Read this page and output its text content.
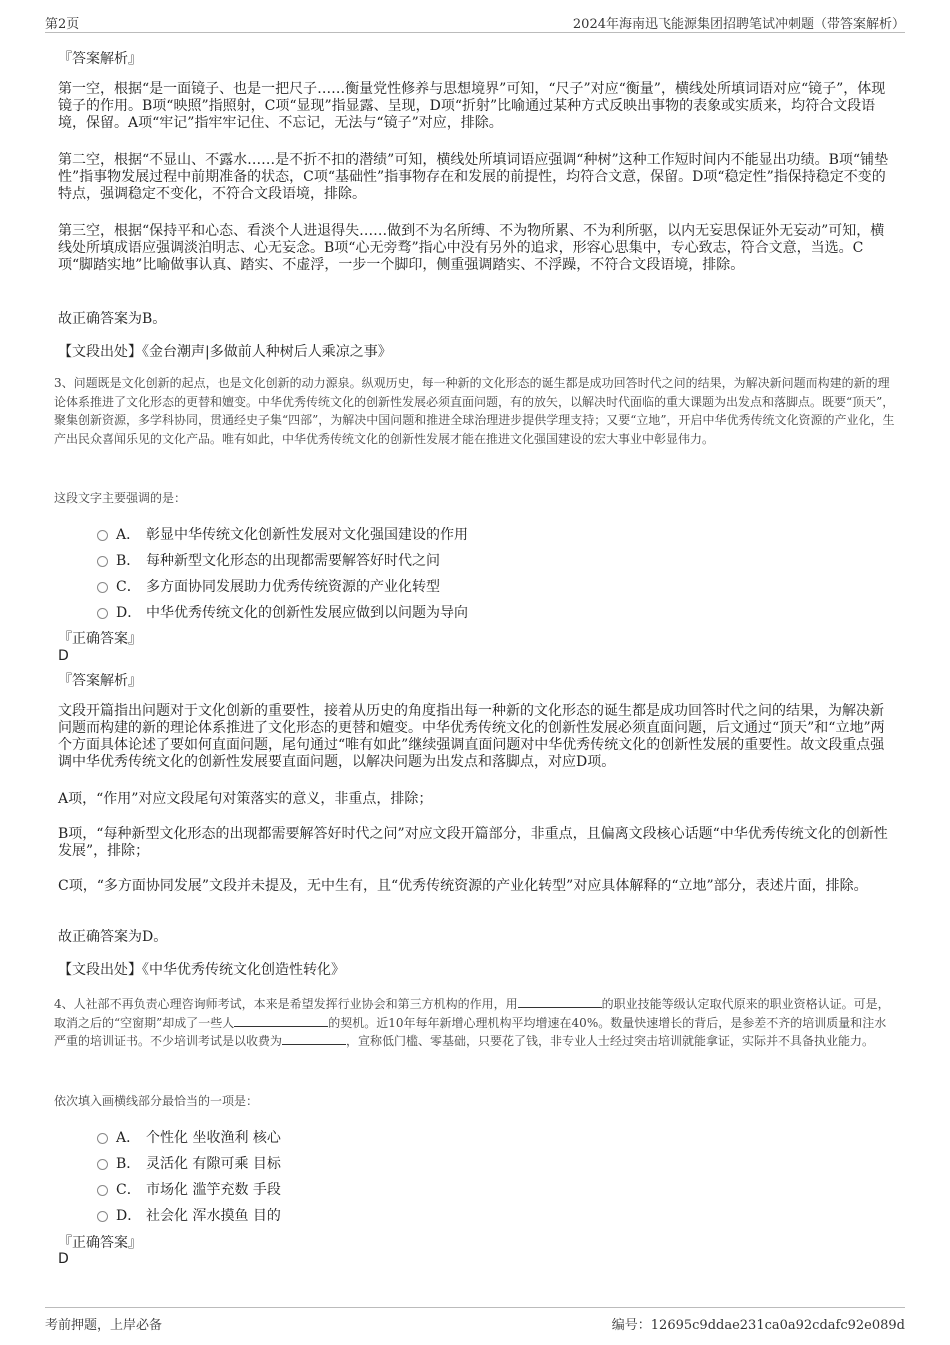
第2页	2024年海南迅飞能源集团招聘笔试冲刺题（带答案解析）
『答案解析』

第一空，根据“是一面镜子、也是一把尺子……衡量党性修养与思想境界”可知，“尺子”对应“衡量”，横线处所填词语对应“镜子”，体现镜子的作用。B项“映照”指照射，C项“显现”指显露、呈现，D项“折射”比喻通过某种方式反映出事物的表象或实质来，均符合文段语境，保留。A项“牢记”指牢牢记住、不忘记，无法与“镜子”对应，排除。

第二空，根据“不显山、不露水……是不折不扣的潜绩”可知，横线处所填词语应强调“种树”这种工作短时间内不能显出功绩。B项“铺垫性”指事物发展过程中前期准备的状态，C项“基础性”指事物存在和发展的前提性，均符合文意，保留。D项“稳定性”指保持稳定不变的特点，强调稳定不变化，不符合文段语境，排除。

第三空，根据“保持平和心态、看淡个人进退得失……做到不为名所缚、不为物所累、不为利所驱，以内无妄思保证外无妄动”可知，横线处所填成语应强调淡泊明志、心无妄念。B项“心无旁骛”指心中没有另外的追求，形容心思集中，专心致志，符合文意，当选。C项“脚踏实地”比喻做事认真、踏实、不虚浮，一步一个脚印，侧重强调踏实、不浮躁，不符合文段语境，排除。

故正确答案为B。
【文段出处】《金台潮声|多做前人种树后人乘凉之事》

3、问题既是文化创新的起点，也是文化创新的动力源泉。纵观历史，每一种新的文化形态的诞生都是成功回答时代之问的结果，为解决新问题而构建的新的理论体系推进了文化形态的更替和嬗变。中华优秀传统文化的创新性发展必须直面问题，有的放矢，以解决时代面临的重大课题为出发点和落脚点。既要“顶天”，聚集创新资源，多学科协同，贯通经史子集“四部”，为解决中国问题和推进全球治理进步提供学理支持；又要“立地”，开启中华优秀传统文化资源的产业化，生产出民众喜闻乐见的文化产品。唯有如此，中华优秀传统文化的创新性发展才能在推进文化强国建设的宏大事业中彰显伟力。

这段文字主要强调的是：
A． 彰显中华传统文化创新性发展对文化强国建设的作用
B． 每种新型文化形态的出现都需要解答好时代之问
C． 多方面协同发展助力优秀传统资源的产业化转型
D． 中华优秀传统文化的创新性发展应做到以问题为导向
『正确答案』
D
『答案解析』

文段开篇指出问题对于文化创新的重要性，接着从历史的角度指出每一种新的文化形态的诞生都是成功回答时代之问的结果，为解决新问题而构建的新的理论体系推进了文化形态的更替和嬗变。中华优秀传统文化的创新性发展必须直面问题，后文通过“顶天”和“立地”两个方面具体论述了要如何直面问题，尾句通过“唯有如此”继续强调直面问题对中华优秀传统文化的创新性发展的重要性。故文段重点强调中华优秀传统文化的创新性发展要直面问题，以解决问题为出发点和落脚点，对应D项。

A项，“作用”对应文段尾句对策落实的意义，非重点，排除；

B项，“每种新型文化形态的出现都需要解答好时代之问”对应文段开篇部分，非重点，且偏离文段核心话题“中华优秀传统文化的创新性发展”，排除；

C项，“多方面协同发展”文段并未提及，无中生有，且“优秀传统资源的产业化转型”对应具体解释的“立地”部分，表述片面，排除。

故正确答案为D。
【文段出处】《中华优秀传统文化创造性转化》

4、人社部不再负责心理咨询师考试，本来是希望发挥行业协会和第三方机构的作用，用	的职业技能等级认定取代原来的职业资格认证。可是，取消之后的“空窗期”却成了一些人	的契机。近10年每年新增心理机构平均增速在40%。数量快速增长的背后，是参差不齐的培训质量和注水严重的培训证书。不少培训考试是以收费为	，宣称低门槛、零基础，只要花了钱，非专业人士经过突击培训就能拿证，实际并不具备执业能力。

依次填入画横线部分最恰当的一项是：
A． 个性化 坐收渔利 核心
B． 灵活化 有隙可乘 目标
C． 市场化 滥竽充数 手段
D． 社会化 浑水摸鱼 目的
『正确答案』
D
考前押题，上岸必备	编号：12695c9ddae231ca0a92cdafc92e089d
